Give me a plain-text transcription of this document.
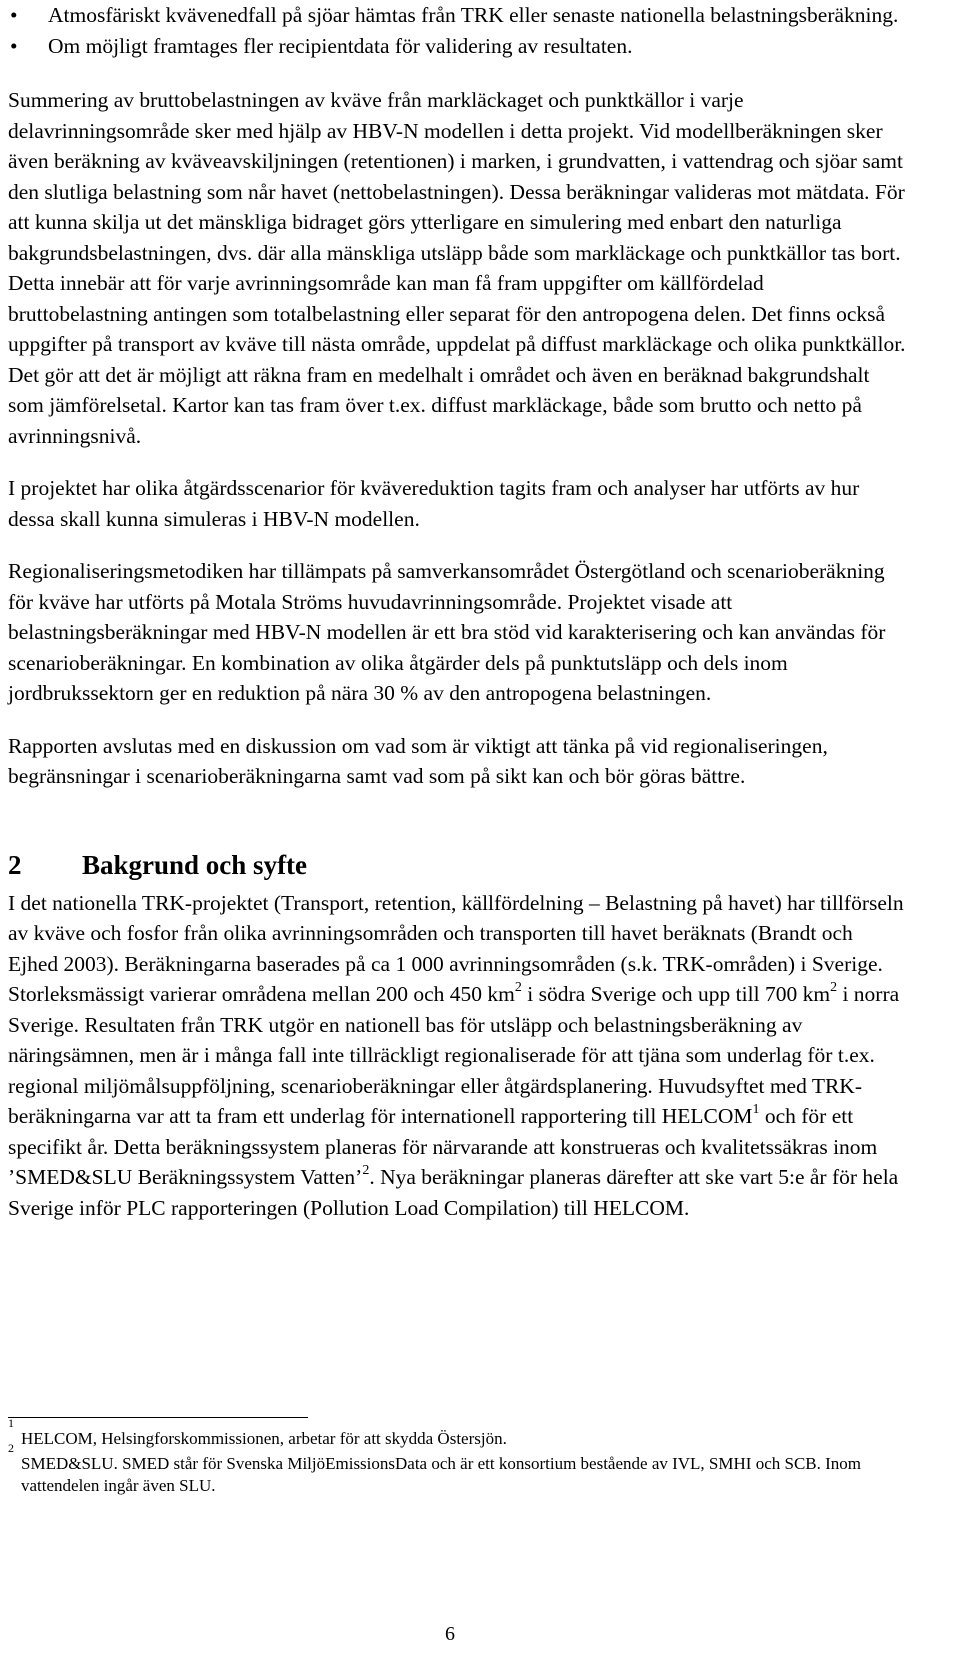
• Atmosfäriskt kvävenedfall på sjöar hämtas från TRK eller senaste nationella belastningsberäkning.
• Om möjligt framtages fler recipientdata för validering av resultaten.

Summering av bruttobelastningen av kväve från markläckaget och punktkällor i varje delavrinningsområde sker med hjälp av HBV-N modellen i detta projekt. Vid modellberäkningen sker även beräkning av kväveavskiljningen (retentionen) i marken, i grundvatten, i vattendrag och sjöar samt den slutliga belastning som når havet (nettobelastningen). Dessa beräkningar valideras mot mätdata. För att kunna skilja ut det mänskliga bidraget görs ytterligare en simulering med enbart den naturliga bakgrundsbelastningen, dvs. där alla mänskliga utsläpp både som markläckage och punktkällor tas bort. Detta innebär att för varje avrinningsområde kan man få fram uppgifter om källfördelad bruttobelastning antingen som totalbelastning eller separat för den antropogena delen. Det finns också uppgifter på transport av kväve till nästa område, uppdelat på diffust markläckage och olika punktkällor. Det gör att det är möjligt att räkna fram en medelhalt i området och även en beräknad bakgrundshalt som jämförelsetal. Kartor kan tas fram över t.ex. diffust markläckage, både som brutto och netto på avrinningsnivå.

I projektet har olika åtgärdsscenarior för kvävereduktion tagits fram och analyser har utförts av hur dessa skall kunna simuleras i HBV-N modellen.

Regionaliseringsmetodiken har tillämpats på samverkansområdet Östergötland och scenarioberäkning för kväve har utförts på Motala Ströms huvudavrinningsområde. Projektet visade att belastningsberäkningar med HBV-N modellen är ett bra stöd vid karakterisering och kan användas för scenarioberäkningar. En kombination av olika åtgärder dels på punktutsläpp och dels inom jordbrukssektorn ger en reduktion på nära 30 % av den antropogena belastningen.

Rapporten avslutas med en diskussion om vad som är viktigt att tänka på vid regionaliseringen, begränsningar i scenarioberäkningarna samt vad som på sikt kan och bör göras bättre.

2 Bakgrund och syfte

I det nationella TRK-projektet (Transport, retention, källfördelning – Belastning på havet) har tillförseln av kväve och fosfor från olika avrinningsområden och transporten till havet beräknats (Brandt och Ejhed 2003). Beräkningarna baserades på ca 1 000 avrinningsområden (s.k. TRK-områden) i Sverige. Storleksmässigt varierar områdena mellan 200 och 450 $km^2$ i södra Sverige och upp till 700 $km^2$ i norra Sverige. Resultaten från TRK utgör en nationell bas för utsläpp och belastningsberäkning av näringsämnen, men är i många fall inte tillräckligt regionaliserade för att tjäna som underlag för t.ex. regional miljömålsuppföljning, scenarioberäkningar eller åtgärdsplanering. Huvudsyftet med TRK-beräkningarna var att ta fram ett underlag för internationell rapportering till HELCOM$^1$ och för ett specifikt år. Detta beräkningssystem planeras för närvarande att konstrueras och kvalitetssäkras inom ’SMED&SLU Beräkningssystem Vatten’$^2$. Nya beräkningar planeras därefter att ske vart 5:e år för hela Sverige inför PLC rapporteringen (Pollution Load Compilation) till HELCOM.

1
HELCOM, Helsingforskommissionen, arbetar för att skydda Östersjön.
2
SMED&SLU. SMED står för Svenska MiljöEmissionsData och är ett konsortium bestående av IVL, SMHI och SCB. Inom vattendelen ingår även SLU.
6
